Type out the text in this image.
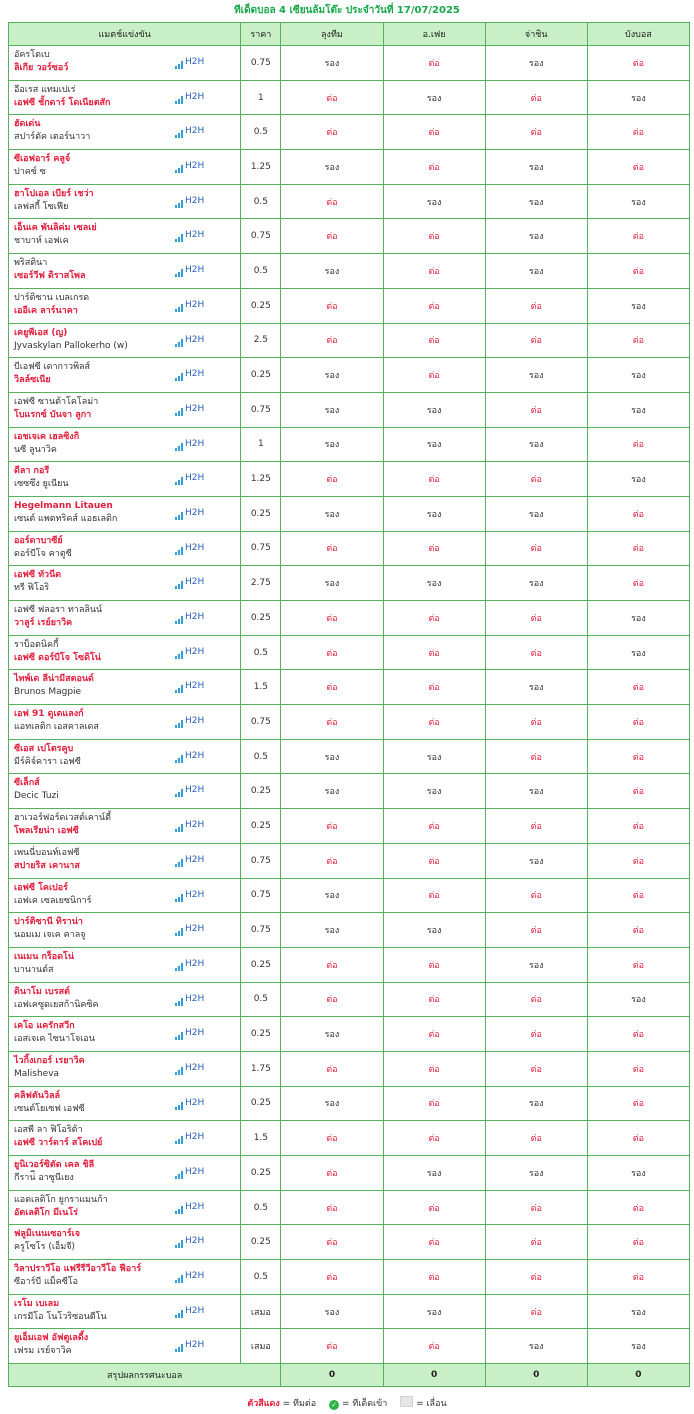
ทีเด็ดบอล 4 เซียนล้มโต๊ะ ประจำวันที่ 17/07/2025
แมตช์แข่งขัน	ราคา	ลุงทีม	อ.เฟย	จ่าชิน	บังบอส

อัครโตเบ
ลิเกีย วอร์ซอว์
H2H	0.75	รอง	ต่อ	รอง	ต่อ

อีอเรส แทมเปเร่
เอฟซี ชั้กดาร์ โดเนียตสัก
H2H	1	ต่อ	รอง	ต่อ	รอง

ฮัดเด่น
สปาร์ตัค เตอร์นาวา
H2H	0.5	ต่อ	ต่อ	ต่อ	ต่อ

ซีเอฟอาร์ คลูจ์
ปาคซ์ ซ
H2H	1.25	รอง	ต่อ	รอง	ต่อ

ฮาโปเอล เบียร์ เชว่า
เลฟสกี้ โซเฟีย
H2H	0.5	ต่อ	รอง	รอง	รอง

เอ็นเค พันลิค่ม เซลเย่
ชาบาห์ เอฟเค
H2H	0.75	ต่อ	ต่อ	รอง	ต่อ

พริสตินา
เซอร์วีฟ ดิราสโพล
H2H	0.5	รอง	ต่อ	รอง	ต่อ

ปาร์ติซาน เบลเกรด
เออีเค ลาร์นาคา
H2H	0.25	ต่อ	ต่อ	ต่อ	รอง

เคยูพีเอส (ญ)
Jyvaskylan Pallokerho (w)
H2H	2.5	ต่อ	ต่อ	ต่อ	ต่อ

บีเอฟซี เดากาวพิลส์
วิลล์ซเนีย
H2H	0.25	รอง	ต่อ	รอง	รอง

เอฟซี ซานต้าโคโลม่า
โบแรกซ์ บันจา ลูกา
H2H	0.75	รอง	รอง	ต่อ	รอง

เอชเจเค เฮลซิงกิ
นซี ลูนาวิค
H2H	1	รอง	รอง	รอง	ต่อ

ดีลา กอรี
เซซซึง ยูเนียน
H2H	1.25	ต่อ	ต่อ	ต่อ	รอง

Hegelmann Litauen
เซนต์ แพตทริคส์ แอธเลติก
H2H	0.25	รอง	รอง	รอง	ต่อ

ออร์ดาบาซีย์
ดอร์บีโจ คาตูซี
H2H	0.75	ต่อ	ต่อ	ต่อ	ต่อ

เอฟซี ทัวนีด
ทรี ฟิโอริ
H2H	2.75	รอง	รอง	รอง	ต่อ

เอฟซี ฟลอรา ทาลลินน์
วาลูร์ เรย์ยาวิค
H2H	0.25	ต่อ	ต่อ	ต่อ	รอง

ราบ็อตนิคกี้
เอฟซี ดอร์บีโจ โซดิโน่
H2H	0.5	ต่อ	ต่อ	ต่อ	รอง

ไทพ์เด ลีน่ามีสตอนด์
Brunos Magpie
H2H	1.5	ต่อ	ต่อ	รอง	ต่อ

เอฟ 91 ดูเดแลงก์
แอทเลติก เอสคาลเดส
H2H	0.75	ต่อ	ต่อ	ต่อ	ต่อ

ซีเอส เปโตรคูบ
มีร์คิจ์คารา เอฟซี
H2H	0.5	รอง	รอง	ต่อ	ต่อ

ซีเล็กส์
Decic Tuzi
H2H	0.25	รอง	รอง	รอง	ต่อ

ฮาเวอร์ฟอร์ดเวสต์เคาน์ตี้
โพลเรียน่า เอฟซี
H2H	0.25	ต่อ	ต่อ	ต่อ	ต่อ

เพนนี่บอนท์เอฟซี
สปายริส เคานาส
H2H	0.75	ต่อ	ต่อ	รอง	ต่อ

เอฟซี โคเปอร์
เอฟเค เซลเยซนิการ์
H2H	0.75	รอง	ต่อ	ต่อ	ต่อ

ปาร์ติซานี ทิราน่า
นอมเม เจเค คาลจู
H2H	0.75	รอง	รอง	ต่อ	ต่อ

เนเมน กร็อดโน่
บานานต์ส
H2H	0.25	ต่อ	ต่อ	รอง	ต่อ

ดินาโม เบรสต์
เอฟเคซูดเยสก้านิคซิค
H2H	0.5	ต่อ	ต่อ	ต่อ	รอง

เคโอ แครักสวีก
เอสเจเค ไซนาโจเอน
H2H	0.25	รอง	ต่อ	ต่อ	ต่อ

ไวกิ้งเกอร์ เรยาวิค
Malisheva
H2H	1.75	ต่อ	ต่อ	ต่อ	ต่อ

คลิฟตันวิลล์
เซนต์โยเซฟ เอฟซี
H2H	0.25	รอง	ต่อ	รอง	ต่อ

เอสพี ลา ฟิโอริต้า
เอฟซี วาร์ดาร์ สโคเปย์
H2H	1.5	ต่อ	ต่อ	ต่อ	ต่อ

ยูนิเวอร์ซิตัด เคล ชิลี
กีราน่ี อาซูนีเยง
H2H	0.25	ต่อ	รอง	รอง	รอง

แอดเลติโก ยูกราแมนก้า
อัตเลติโก มีเนโร่
H2H	0.5	ต่อ	ต่อ	ต่อ	ต่อ

ฟลูมิเนนเซอาร์เจ
ครูโซโร (เอ็มจี)
H2H	0.25	ต่อ	ต่อ	ต่อ	ต่อ

วิลาปราวีโอ แฟรีรีวีอาวีโอ ฟีอาร์
ซีอาร์บี แม็คซีโอ
H2H	0.5	ต่อ	ต่อ	ต่อ	ต่อ

เรโม เบเลม
เกรมีโอ โนโวริซอนตีโน
H2H	เสมอ	รอง	รอง	ต่อ	รอง

ยูเอ็มเอฟ อัฟตูเลดี้ง
เฟรม เรย์จาวิค
H2H	เสมอ	ต่อ	ต่อ	รอง	รอง
สรุปผลกรรศนะบอล		0	0	0	0
ตัวสีแดง = ทีมต่อ ✓ = ทีเด็ดเข้า	= เลื่อน
